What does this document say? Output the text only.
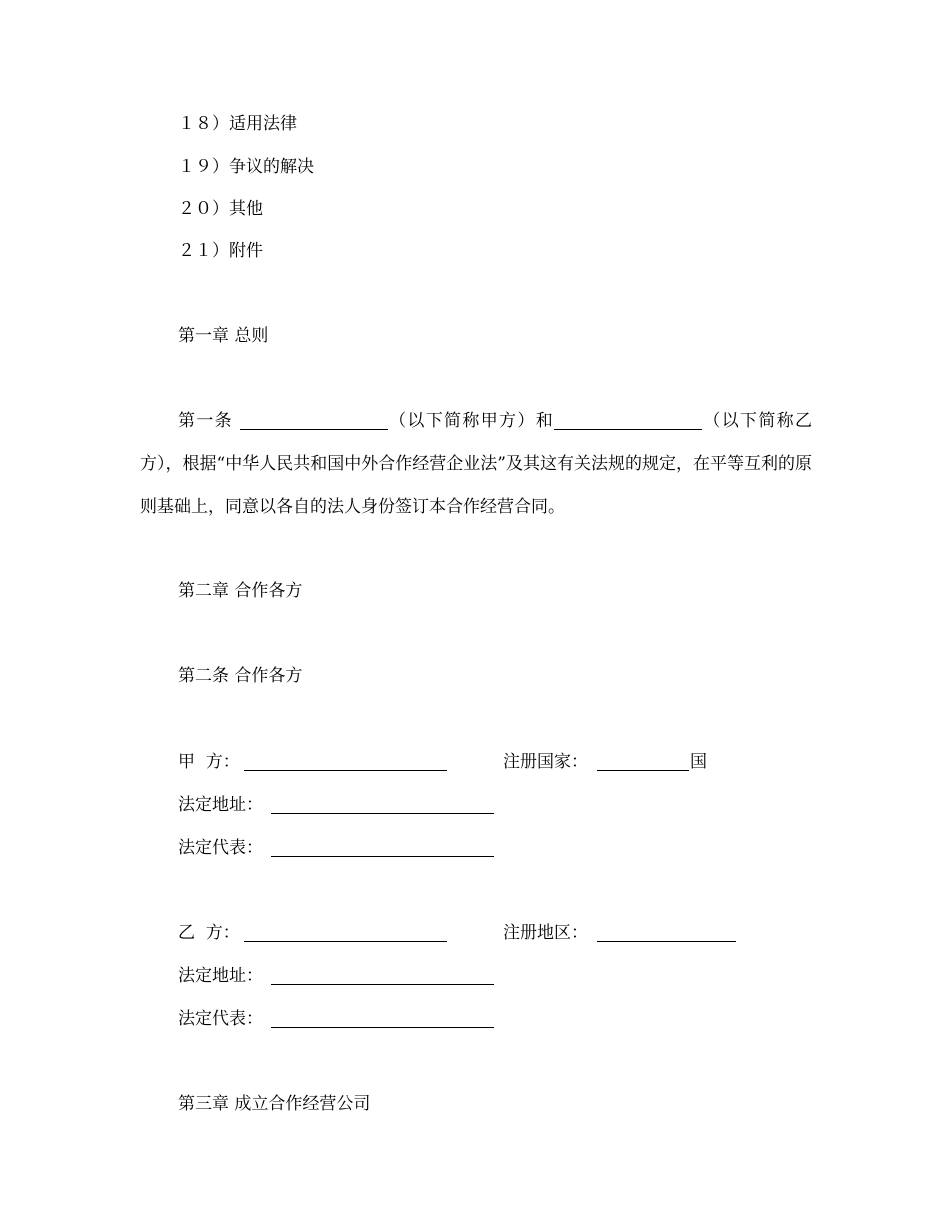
１８）适用法律
１９）争议的解决
２０）其他
２１）附件
第一章 总则
第一条	（以下简称甲方）和	（以下简称乙方），根据“中华人民共和国中外合作经营企业法”及其这有关法规的规定，在平等互利的原则基础上，同意以各自的法人身份签订本合作经营合同。
第二章 合作各方
第二条 合作各方
甲  方：	注册国家：	国
法定地址：
法定代表：
乙  方：	注册地区：
法定地址：
法定代表：
第三章 成立合作经营公司
